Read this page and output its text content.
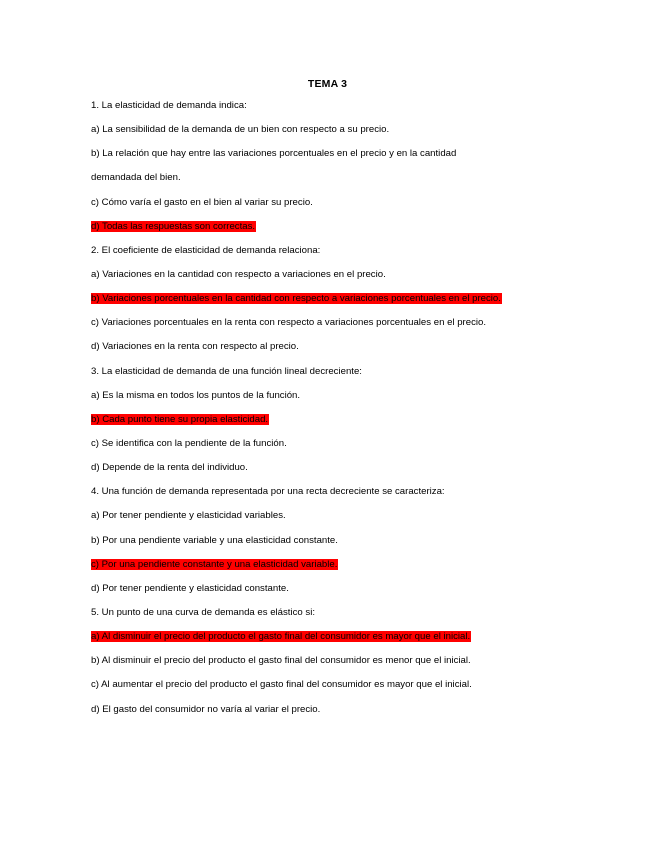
TEMA 3
1. La elasticidad de demanda indica:
a) La sensibilidad de la demanda de un bien con respecto a su precio.
b) La relación que hay entre las variaciones porcentuales en el precio y en la cantidad
demandada del bien.
c) Cómo varía el gasto en el bien al variar su precio.
d) Todas las respuestas son correctas.
2. El coeficiente de elasticidad de demanda relaciona:
a) Variaciones en la cantidad con respecto a variaciones en el precio.
b) Variaciones porcentuales en la cantidad con respecto a variaciones porcentuales en el precio.
c) Variaciones porcentuales en la renta con respecto a variaciones porcentuales en el precio.
d) Variaciones en la renta con respecto al precio.
3. La elasticidad de demanda de una función lineal decreciente:
a) Es la misma en todos los puntos de la función.
b) Cada punto tiene su propia elasticidad.
c) Se identifica con la pendiente de la función.
d) Depende de la renta del individuo.
4. Una función de demanda representada por una recta decreciente se caracteriza:
a) Por tener pendiente y elasticidad variables.
b) Por una pendiente variable y una elasticidad constante.
c) Por una pendiente constante y una elasticidad variable.
d) Por tener pendiente y elasticidad constante.
5. Un punto de una curva de demanda es elástico si:
a) Al disminuir el precio del producto el gasto final del consumidor es mayor que el inicial.
b) Al disminuir el precio del producto el gasto final del consumidor es menor que el inicial.
c) Al aumentar el precio del producto el gasto final del consumidor es mayor que el inicial.
d) El gasto del consumidor no varía al variar el precio.
